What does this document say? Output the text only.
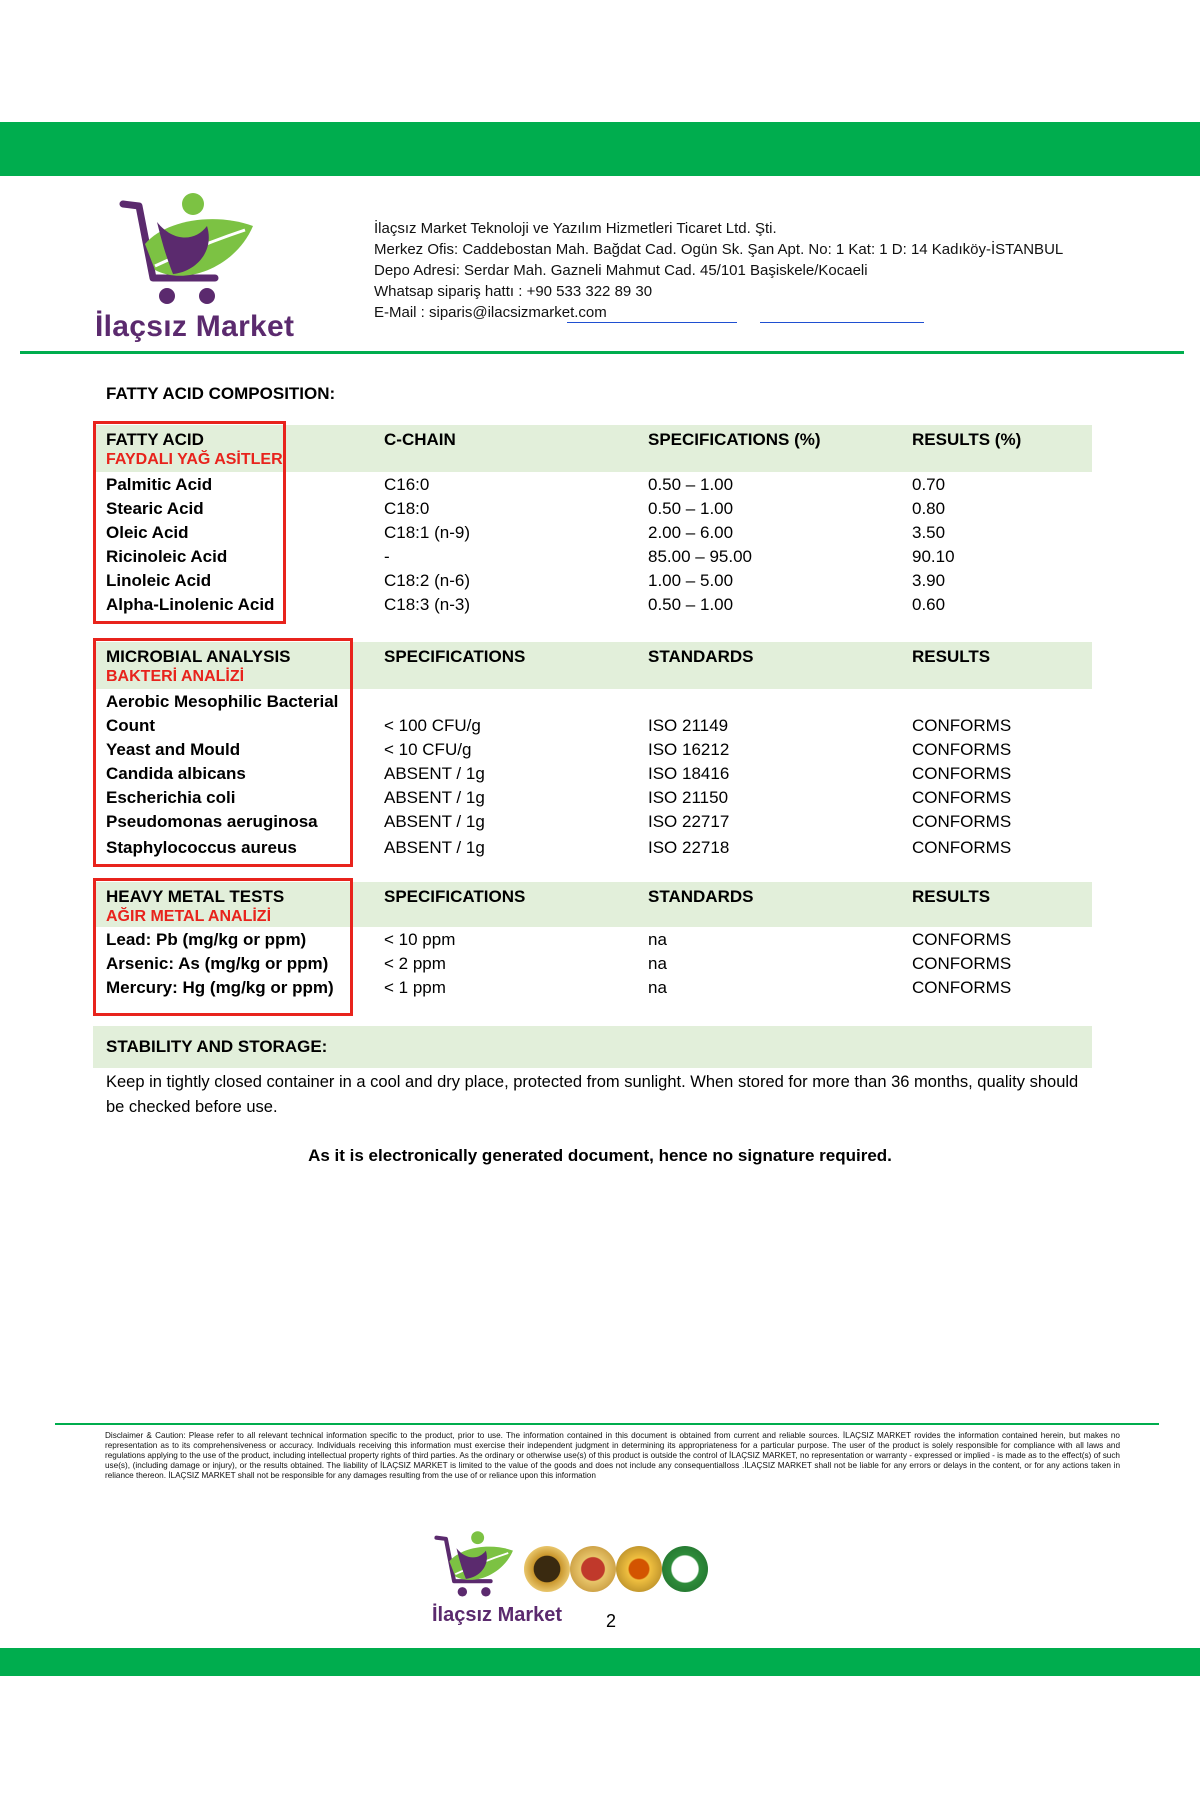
İlaçsız Market
İlaçsız Market Teknoloji ve Yazılım Hizmetleri Ticaret Ltd. Şti.
Merkez Ofis: Caddebostan Mah. Bağdat Cad. Ogün Sk. Şan Apt. No: 1 Kat: 1 D: 14 Kadıköy-İSTANBUL
Depo Adresi: Serdar Mah. Gazneli Mahmut Cad. 45/101 Başiskele/Kocaeli
Whatsap sipariş hattı : +90 533 322 89 30
E-Mail : siparis@ilacsizmarket.com
FATTY ACID COMPOSITION:
FATTY ACID
FAYDALI YAĞ ASİTLERİ
C-CHAIN	SPECIFICATIONS (%)	RESULTS (%)
Palmitic Acid	C16:0	0.50 – 1.00	0.70
Stearic Acid	C18:0	0.50 – 1.00	0.80
Oleic Acid	C18:1 (n-9)	2.00 – 6.00	3.50
Ricinoleic Acid	-	85.00 – 95.00	90.10
Linoleic Acid	C18:2 (n-6)	1.00 – 5.00	3.90
Alpha-Linolenic Acid	C18:3 (n-3)	0.50 – 1.00	0.60
MICROBIAL ANALYSIS
BAKTERİ ANALİZİ
SPECIFICATIONS	STANDARDS	RESULTS
Aerobic Mesophilic Bacterial
Count	< 100 CFU/g	ISO 21149	CONFORMS
Yeast and Mould	< 10 CFU/g	ISO 16212	CONFORMS
Candida albicans	ABSENT / 1g	ISO 18416	CONFORMS
Escherichia coli	ABSENT / 1g	ISO 21150	CONFORMS
Pseudomonas aeruginosa	ABSENT / 1g	ISO 22717	CONFORMS
Staphylococcus aureus	ABSENT / 1g	ISO 22718	CONFORMS
HEAVY METAL TESTS
AĞIR METAL ANALİZİ
SPECIFICATIONS	STANDARDS	RESULTS
Lead: Pb (mg/kg or ppm)	< 10 ppm	na	CONFORMS
Arsenic: As (mg/kg or ppm)	< 2 ppm	na	CONFORMS
Mercury: Hg (mg/kg or ppm)	< 1 ppm	na	CONFORMS
STABILITY AND STORAGE:
Keep in tightly closed container in a cool and dry place, protected from sunlight. When stored for more than 36 months, quality should be checked before use.
As it is electronically generated document, hence no signature required.
Disclaimer & Caution: Please refer to all relevant technical information specific to the product, prior to use. The information contained in this document is obtained from current and reliable sources. İLAÇSIZ MARKET rovides the information contained herein, but makes no representation as to its comprehensiveness or accuracy. Individuals receiving this information must exercise their independent judgment in determining its appropriateness for a particular purpose. The user of the product is solely responsible for compliance with all laws and regulations applying to the use of the product, including intellectual property rights of third parties. As the ordinary or otherwise use(s) of this product is outside the control of İLAÇSIZ MARKET, no representation or warranty - expressed or implied - is made as to the effect(s) of such use(s), (including damage or injury), or the results obtained. The liability of İLAÇSIZ MARKET is limited to the value of the goods and does not include any consequentialloss .İLAÇSIZ MARKET shall not be liable for any errors or delays in the content, or for any actions taken in reliance thereon. İLAÇSIZ MARKET shall not be responsible for any damages resulting from the use of or reliance upon this information
İlaçsız Market 2
